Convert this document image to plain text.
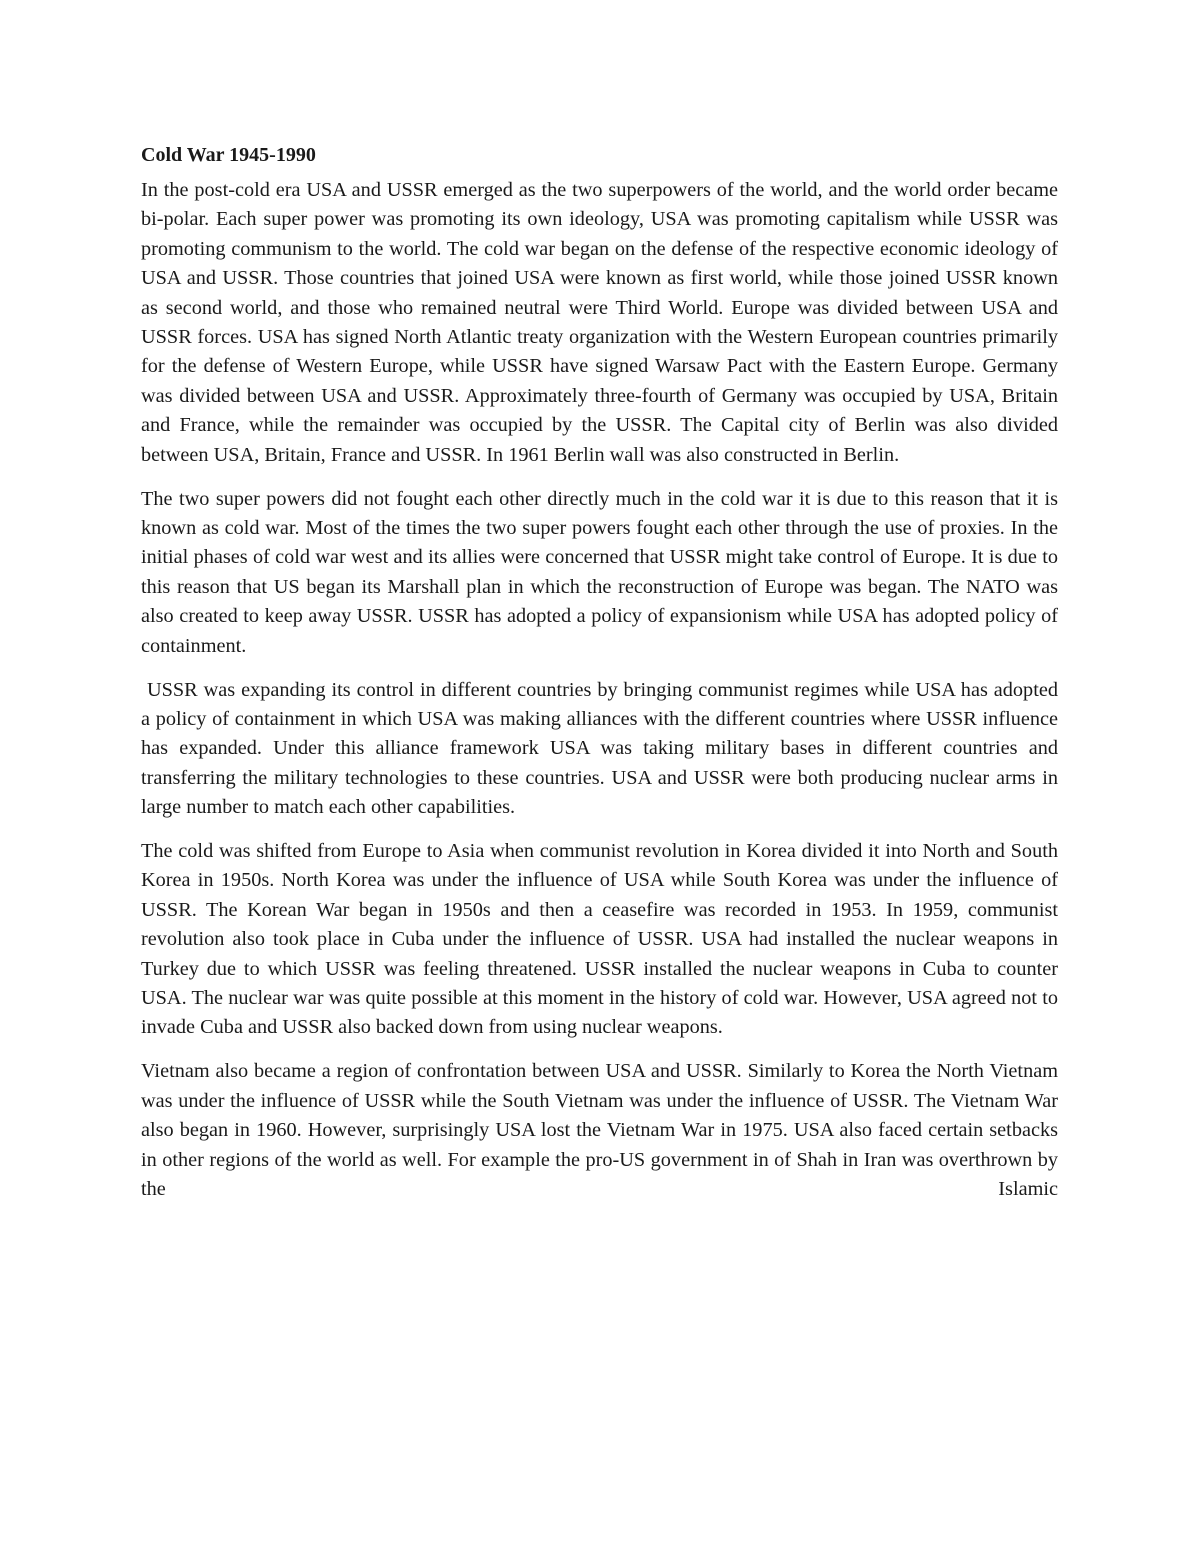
Cold War 1945-1990

In the post-cold era USA and USSR emerged as the two superpowers of the world, and the world order became bi-polar. Each super power was promoting its own ideology, USA was promoting capitalism while USSR was promoting communism to the world. The cold war began on the defense of the respective economic ideology of USA and USSR. Those countries that joined USA were known as first world, while those joined USSR known as second world, and those who remained neutral were Third World. Europe was divided between USA and USSR forces. USA has signed North Atlantic treaty organization with the Western European countries primarily for the defense of Western Europe, while USSR have signed Warsaw Pact with the Eastern Europe. Germany was divided between USA and USSR. Approximately three-fourth of Germany was occupied by USA, Britain and France, while the remainder was occupied by the USSR. The Capital city of Berlin was also divided between USA, Britain, France and USSR. In 1961 Berlin wall was also constructed in Berlin.

The two super powers did not fought each other directly much in the cold war it is due to this reason that it is known as cold war. Most of the times the two super powers fought each other through the use of proxies. In the initial phases of cold war west and its allies were concerned that USSR might take control of Europe. It is due to this reason that US began its Marshall plan in which the reconstruction of Europe was began. The NATO was also created to keep away USSR. USSR has adopted a policy of expansionism while USA has adopted policy of containment.

USSR was expanding its control in different countries by bringing communist regimes while USA has adopted a policy of containment in which USA was making alliances with the different countries where USSR influence has expanded. Under this alliance framework USA was taking military bases in different countries and transferring the military technologies to these countries. USA and USSR were both producing nuclear arms in large number to match each other capabilities.

The cold was shifted from Europe to Asia when communist revolution in Korea divided it into North and South Korea in 1950s. North Korea was under the influence of USA while South Korea was under the influence of USSR. The Korean War began in 1950s and then a ceasefire was recorded in 1953. In 1959, communist revolution also took place in Cuba under the influence of USSR. USA had installed the nuclear weapons in Turkey due to which USSR was feeling threatened. USSR installed the nuclear weapons in Cuba to counter USA. The nuclear war was quite possible at this moment in the history of cold war. However, USA agreed not to invade Cuba and USSR also backed down from using nuclear weapons.

Vietnam also became a region of confrontation between USA and USSR. Similarly to Korea the North Vietnam was under the influence of USSR while the South Vietnam was under the influence of USSR. The Vietnam War also began in 1960. However, surprisingly USA lost the Vietnam War in 1975. USA also faced certain setbacks in other regions of the world as well. For example the pro-US government in of Shah in Iran was overthrown by the Islamic
